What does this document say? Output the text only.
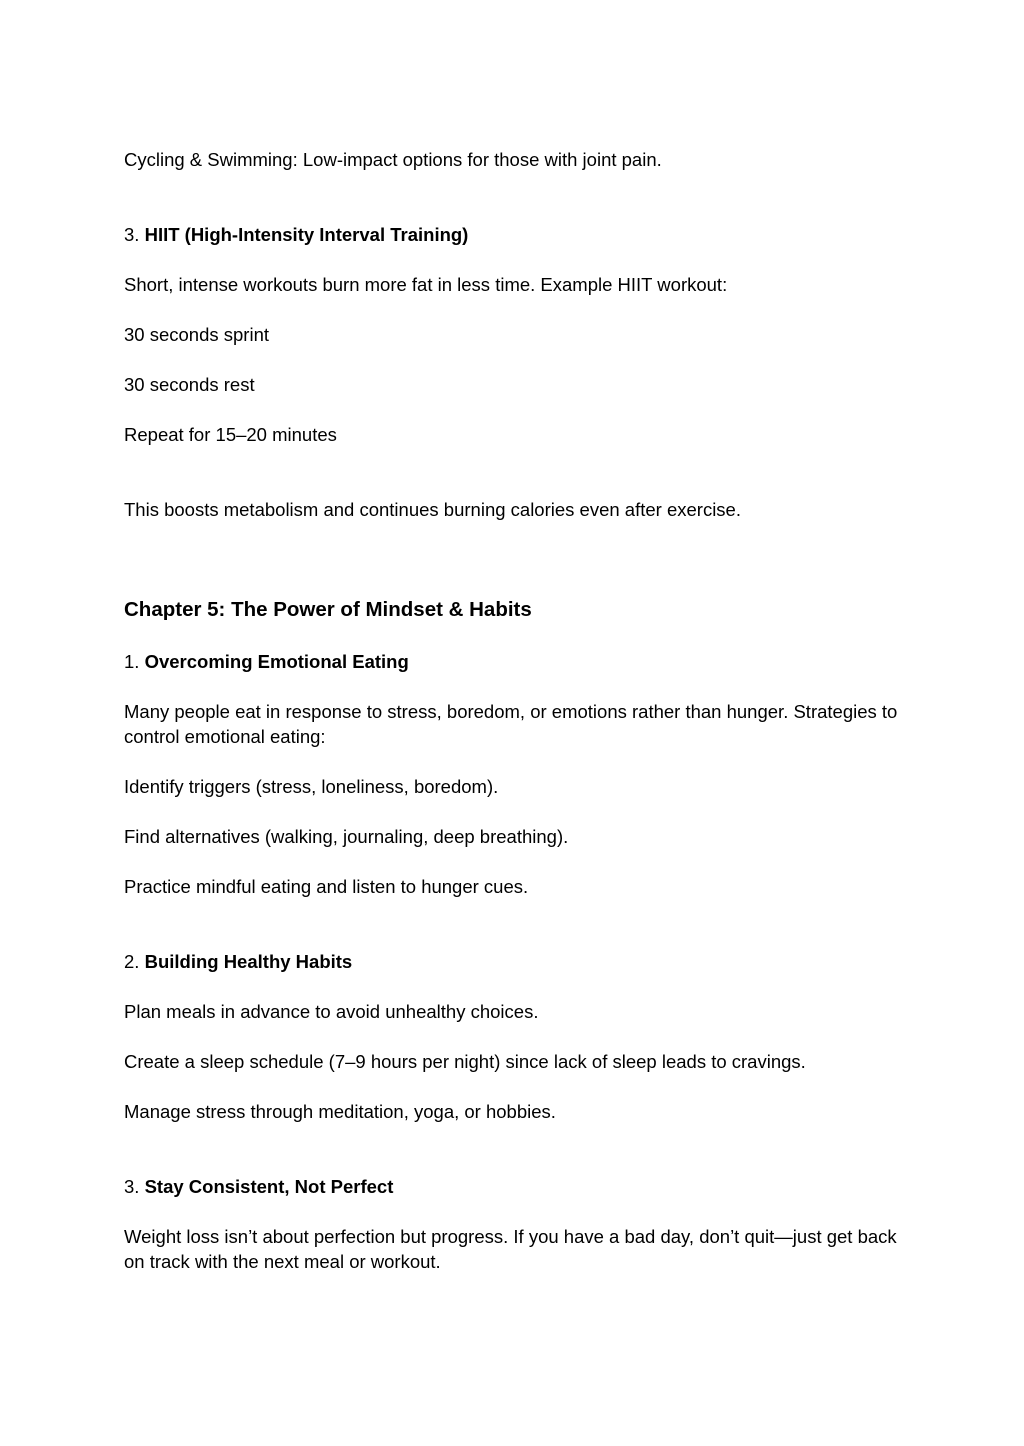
Cycling & Swimming: Low-impact options for those with joint pain.

3. HIIT (High-Intensity Interval Training)

Short, intense workouts burn more fat in less time. Example HIIT workout:

30 seconds sprint

30 seconds rest

Repeat for 15–20 minutes

This boosts metabolism and continues burning calories even after exercise.

Chapter 5: The Power of Mindset & Habits

1. Overcoming Emotional Eating

Many people eat in response to stress, boredom, or emotions rather than hunger. Strategies to control emotional eating:

Identify triggers (stress, loneliness, boredom).

Find alternatives (walking, journaling, deep breathing).

Practice mindful eating and listen to hunger cues.

2. Building Healthy Habits

Plan meals in advance to avoid unhealthy choices.

Create a sleep schedule (7–9 hours per night) since lack of sleep leads to cravings.

Manage stress through meditation, yoga, or hobbies.

3. Stay Consistent, Not Perfect

Weight loss isn’t about perfection but progress. If you have a bad day, don’t quit—just get back on track with the next meal or workout.
